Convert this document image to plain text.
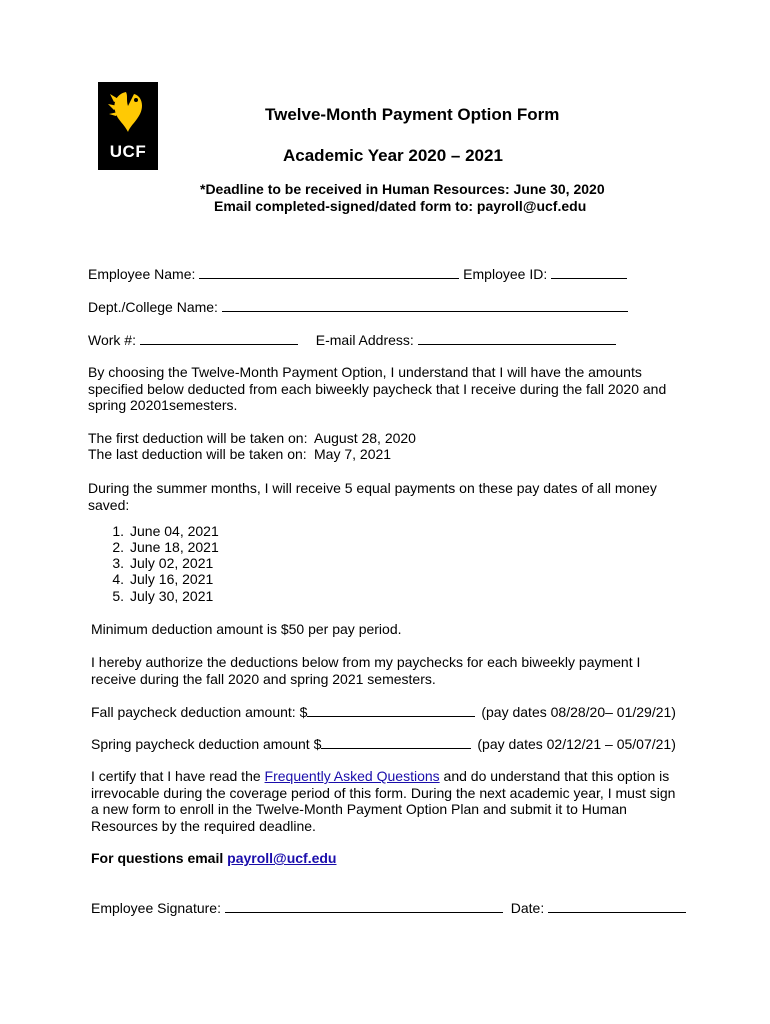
UCF
Twelve-Month Payment Option Form
Academic Year 2020 – 2021
*Deadline to be received in Human Resources: June 30, 2020
Email completed-signed/dated form to: payroll@ucf.edu
Employee Name:	Employee ID:
Dept./College Name:
Work #:	E-mail Address:
By choosing the Twelve-Month Payment Option, I understand that I will have the amounts specified below deducted from each biweekly paycheck that I receive during the fall 2020 and spring 20201semesters.
The first deduction will be taken on: August 28, 2020
The last deduction will be taken on: May 7, 2021
During the summer months, I will receive 5 equal payments on these pay dates of all money saved:
1. June 04, 2021
2. June 18, 2021
3. July 02, 2021
4. July 16, 2021
5. July 30, 2021
Minimum deduction amount is $50 per pay period.
I hereby authorize the deductions below from my paychecks for each biweekly payment I receive during the fall 2020 and spring 2021 semesters.
Fall paycheck deduction amount: $	(pay dates 08/28/20– 01/29/21)
Spring paycheck deduction amount $	(pay dates 02/12/21 – 05/07/21)
I certify that I have read the Frequently Asked Questions and do understand that this option is irrevocable during the coverage period of this form. During the next academic year, I must sign a new form to enroll in the Twelve-Month Payment Option Plan and submit it to Human Resources by the required deadline.
For questions email payroll@ucf.edu
Employee Signature:	Date:
